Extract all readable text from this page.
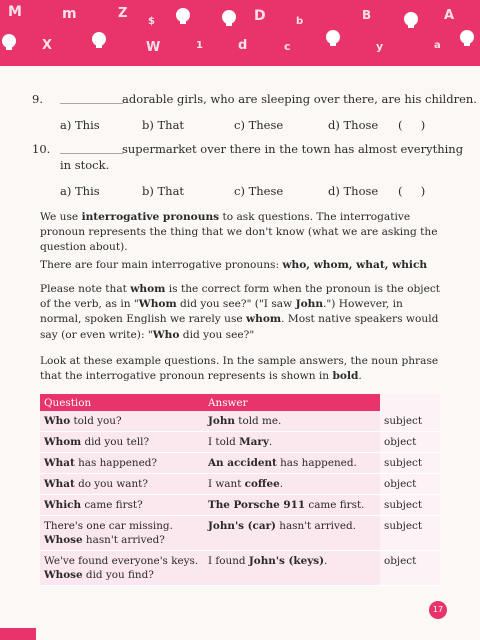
M	m	Z
$	D	b	B	A
X	W	1	d	c	y	a
9. ___________
adorable girls, who are sleeping over there, are his children.
a) This	b) That	c) These	d) Those (     )
10. ___________
supermarket over there in the town has almost everything
in stock.
a) This	b) That	c) These	d) Those (     )

We use interrogative pronouns to ask questions. The interrogative pronoun represents the thing that we don't know (what we are asking the question about).

There are four main interrogative pronouns: who, whom, what, which

Please note that whom is the correct form when the pronoun is the object of the verb, as in "Whom did you see?" ("I saw John.") However, in normal, spoken English we rarely use whom. Most native speakers would say (or even write): "Who did you see?"

Look at these example questions. In the sample answers, the noun phrase that the interrogative pronoun represents is shown in bold.

Question	Answer	
Who told you?	John told me.	subject
Whom did you tell?	I told Mary.	object
What has happened?	An accident has happened.	subject
What do you want?	I want coffee.	object
Which came first?	The Porsche 911 came first.	subject
There's one car missing.
Whose hasn't arrived?	John's (car) hasn't arrived.	subject
We've found everyone's keys.
Whose did you find?	I found John's (keys).	object
17
